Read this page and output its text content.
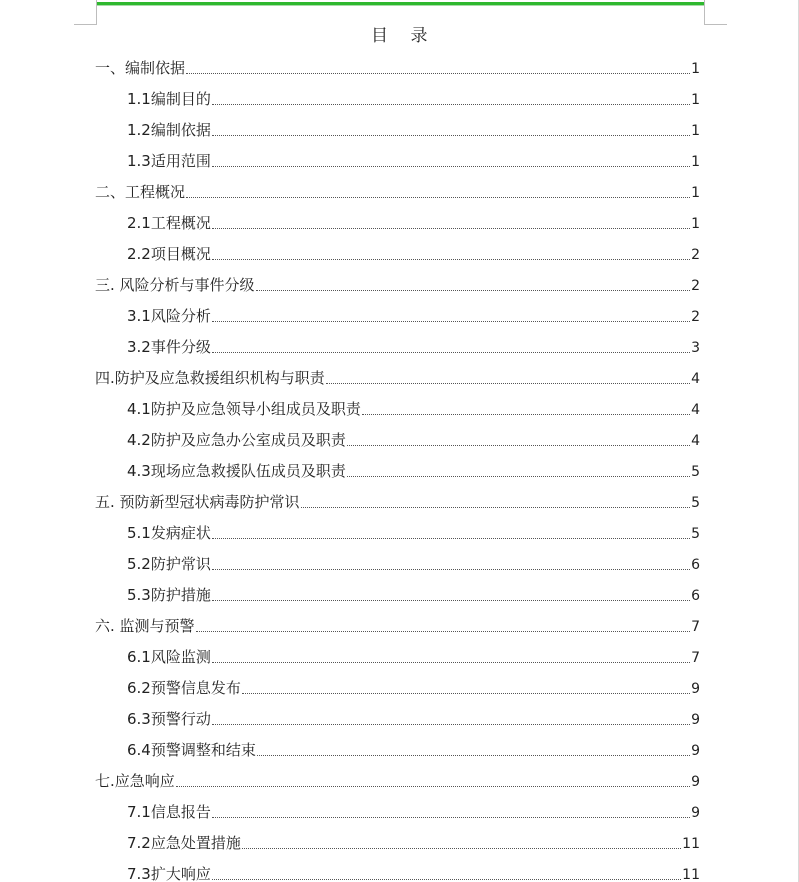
目 录
一、编制依据	1
1.1编制目的	1
1.2编制依据	1
1.3适用范围	1
二、工程概况	1
2.1工程概况	1
2.2项目概况	2
三. 风险分析与事件分级	2
3.1风险分析	2
3.2事件分级	3
四.防护及应急救援组织机构与职责	4
4.1防护及应急领导小组成员及职责	4
4.2防护及应急办公室成员及职责	4
4.3现场应急救援队伍成员及职责	5
五. 预防新型冠状病毒防护常识	5
5.1发病症状	5
5.2防护常识	6
5.3防护措施	6
六. 监测与预警	7
6.1风险监测	7
6.2预警信息发布	9
6.3预警行动	9
6.4预警调整和结束	9
七.应急响应	9
7.1信息报告	9
7.2应急处置措施	11
7.3扩大响应	11
